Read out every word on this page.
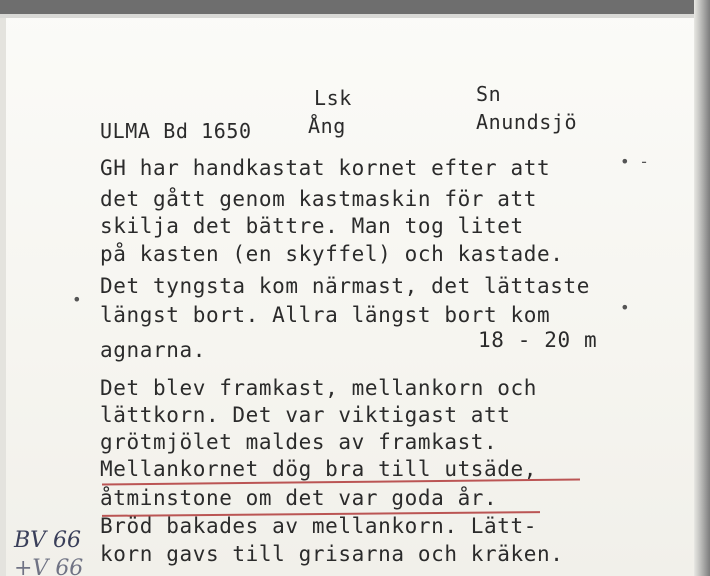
Lsk	Sn
ULMA Bd 1650	Ång	Anundsjö
GH har handkastat kornet efter att
det gått genom kastmaskin för att
skilja det bättre. Man tog litet
på kasten (en skyffel) och kastade.
Det tyngsta kom närmast, det lättaste
längst bort. Allra längst bort kom
agnarna.	18 - 20 m
Det blev framkast, mellankorn och
lättkorn. Det var viktigast att
grötmjölet maldes av framkast.
Mellankornet dög bra till utsäde,
åtminstone om det var goda år.
Bröd bakades av mellankorn. Lätt-
korn gavs till grisarna och kräken.
BV 66
+V 66
• -
•	•
